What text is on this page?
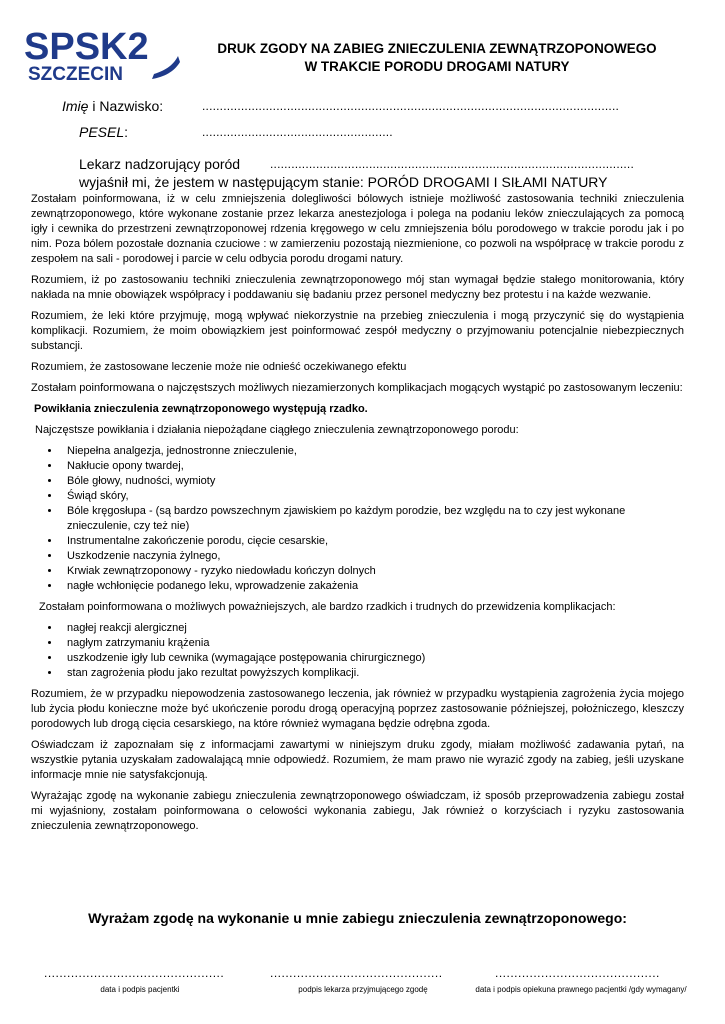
SPSK2
SZCZECIN
DRUK ZGODY NA ZABIEG ZNIECZULENIA ZEWNĄTRZOPONOWEGO
W TRAKCIE PORODU DROGAMI NATURY
Imię i Nazwisko:	......................................................................................................................
PESEL:	......................................................
Lekarz nadzorujący poród .......................................................................................................
wyjaśnił mi, że jestem w następującym stanie: PORÓD DROGAMI I SIŁAMI NATURY

Zostałam poinformowana, iż w celu zmniejszenia dolegliwości bólowych istnieje możliwość zastosowania techniki znieczulenia zewnątrzoponowego, które wykonane zostanie przez lekarza anestezjologa i polega na podaniu leków znieczulających za pomocą igły i cewnika do przestrzeni zewnątrzoponowej rdzenia kręgowego w celu zmniejszenia bólu porodowego w trakcie porodu jak i po nim. Poza bólem pozostałe doznania czuciowe : w zamierzeniu pozostają niezmienione, co pozwoli na współpracę w trakcie porodu z zespołem na sali - porodowej i parcie w celu odbycia porodu drogami natury.

Rozumiem, iż po zastosowaniu techniki znieczulenia zewnątrzoponowego mój stan wymagał będzie stałego monitorowania, który nakłada na mnie obowiązek współpracy i poddawaniu się badaniu przez personel medyczny bez protestu i na każde wezwanie.

Rozumiem, że leki które przyjmuję, mogą wpływać niekorzystnie na przebieg znieczulenia i mogą przyczynić się do wystąpienia komplikacji. Rozumiem, że moim obowiązkiem jest poinformować zespół medyczny o przyjmowaniu potencjalnie niebezpiecznych substancji.

Rozumiem, że zastosowane leczenie może nie odnieść oczekiwanego efektu

Zostałam poinformowana o najczęstszych możliwych niezamierzonych komplikacjach mogących wystąpić po zastosowanym leczeniu:

Powikłania znieczulenia zewnątrzoponowego występują rzadko.

Najczęstsze powikłania i działania niepożądane ciągłego znieczulenia zewnątrzoponowego porodu:

• Niepełna analgezja, jednostronne znieczulenie,
• Nakłucie opony twardej,
• Bóle głowy, nudności, wymioty
• Świąd skóry,
• Bóle kręgosłupa - (są bardzo powszechnym zjawiskiem po każdym porodzie, bez względu na to czy jest wykonane znieczulenie, czy też nie)
• Instrumentalne zakończenie porodu, cięcie cesarskie,
• Uszkodzenie naczynia żylnego,
• Krwiak zewnątrzoponowy - ryzyko niedowładu kończyn dolnych
• nagłe wchłonięcie podanego leku, wprowadzenie zakażenia

Zostałam poinformowana o możliwych poważniejszych, ale bardzo rzadkich i trudnych do przewidzenia komplikacjach:

• nagłej reakcji alergicznej
• nagłym zatrzymaniu krążenia
• uszkodzenie igły lub cewnika (wymagające postępowania chirurgicznego)
• stan zagrożenia płodu jako rezultat powyższych komplikacji.

Rozumiem, że w przypadku niepowodzenia zastosowanego leczenia, jak również w przypadku wystąpienia zagrożenia życia mojego lub życia płodu konieczne może być ukończenie porodu drogą operacyjną poprzez zastosowanie późniejszej, położniczego, kleszczy porodowych lub drogą cięcia cesarskiego, na które również wymagana będzie odrębna zgoda.

Oświadczam iż zapoznałam się z informacjami zawartymi w niniejszym druku zgody, miałam możliwość zadawania pytań, na wszystkie pytania uzyskałam zadowalającą mnie odpowiedź. Rozumiem, że mam prawo nie wyrazić zgody na zabieg, jeśli uzyskane informacje mnie nie satysfakcjonują.

Wyrażając zgodę na wykonanie zabiegu znieczulenia zewnątrzoponowego oświadczam, iż sposób przeprowadzenia zabiegu został mi wyjaśniony, zostałam poinformowana o celowości wykonania zabiegu, Jak również o korzyściach i ryzyku zastosowania znieczulenia zewnątrzoponowego.

Wyrażam zgodę na wykonanie u mnie zabiegu znieczulenia zewnątrzoponowego:
...............................................	.............................................	...........................................
data i podpis pacjentki	podpis lekarza przyjmującego zgodę	data i podpis opiekuna prawnego pacjentki /gdy wymagany/
